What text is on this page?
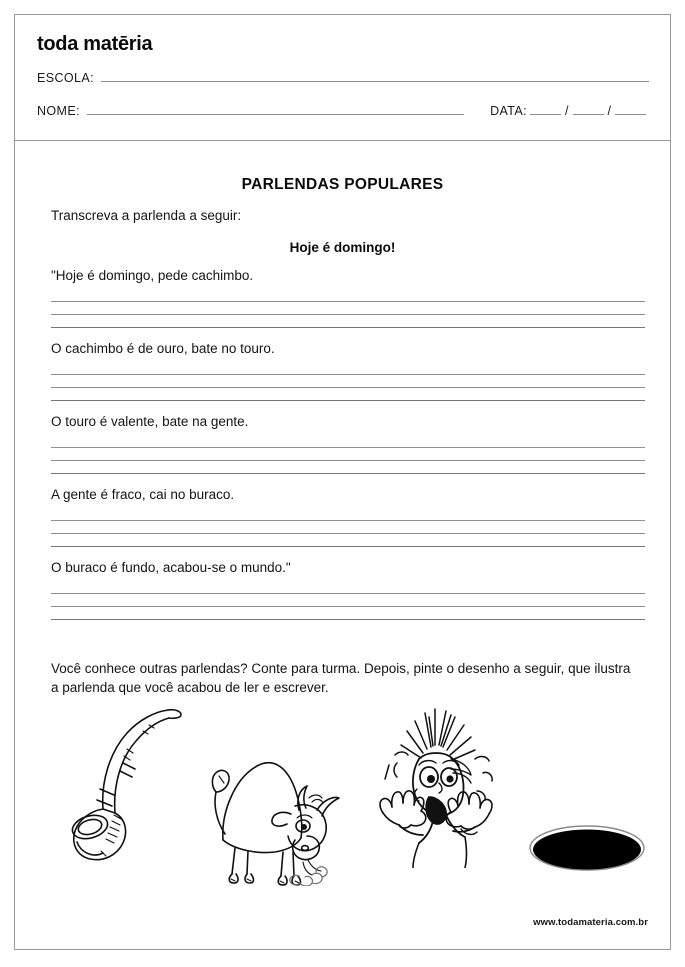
toda matēria
ESCOLA:
NOME:	DATA:	/	/
PARLENDAS POPULARES
Transcreva a parlenda a seguir:
Hoje é domingo!
"Hoje é domingo, pede cachimbo.
O cachimbo é de ouro, bate no touro.
O touro é valente, bate na gente.
A gente é fraco, cai no buraco.
O buraco é fundo, acabou-se o mundo."
Você conhece outras parlendas? Conte para turma. Depois, pinte o desenho a seguir, que ilustra a parlenda que você acabou de ler e escrever.
www.todamateria.com.br
